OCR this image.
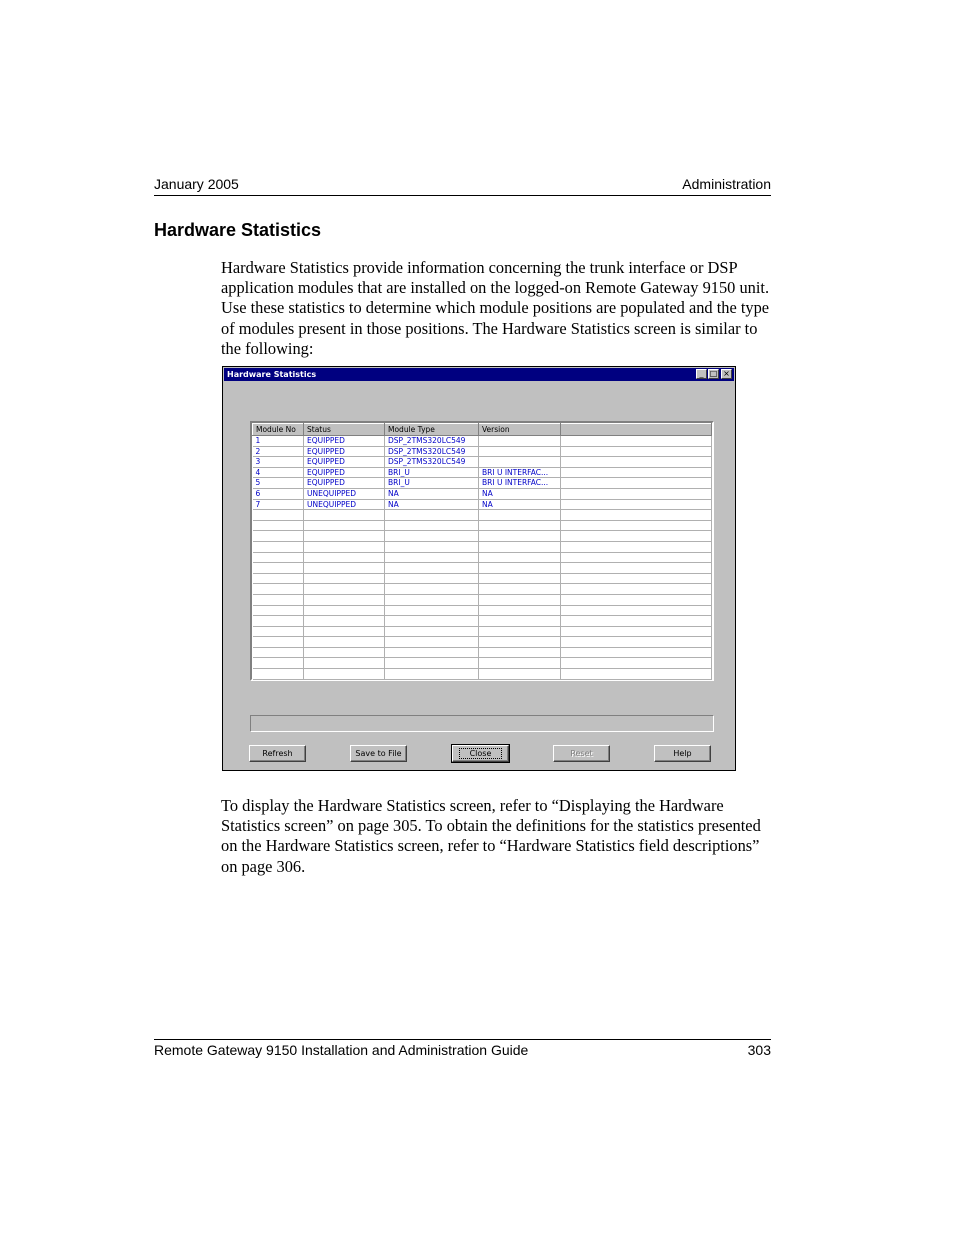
January 2005	Administration
Hardware Statistics

Hardware Statistics provide information concerning the trunk interface or DSP application modules that are installed on the logged-on Remote Gateway 9150 unit. Use these statistics to determine which module positions are populated and the type of modules present in those positions. The Hardware Statistics screen is similar to the following:

Hardware Statistics	_ □ ×
Module No	Status	Module Type	Version	
1	EQUIPPED	DSP_2TMS320LC549		
2	EQUIPPED	DSP_2TMS320LC549		
3	EQUIPPED	DSP_2TMS320LC549		
4	EQUIPPED	BRI_U	BRI U INTERFAC...	
5	EQUIPPED	BRI_U	BRI U INTERFAC...	
6	UNEQUIPPED	NA	NA	
7	UNEQUIPPED	NA	NA	

Refresh	Save to File	Close	Reset	Help

To display the Hardware Statistics screen, refer to “Displaying the Hardware Statistics screen” on page 305. To obtain the definitions for the statistics presented on the Hardware Statistics screen, refer to “Hardware Statistics field descriptions” on page 306.

Remote Gateway 9150 Installation and Administration Guide	303
